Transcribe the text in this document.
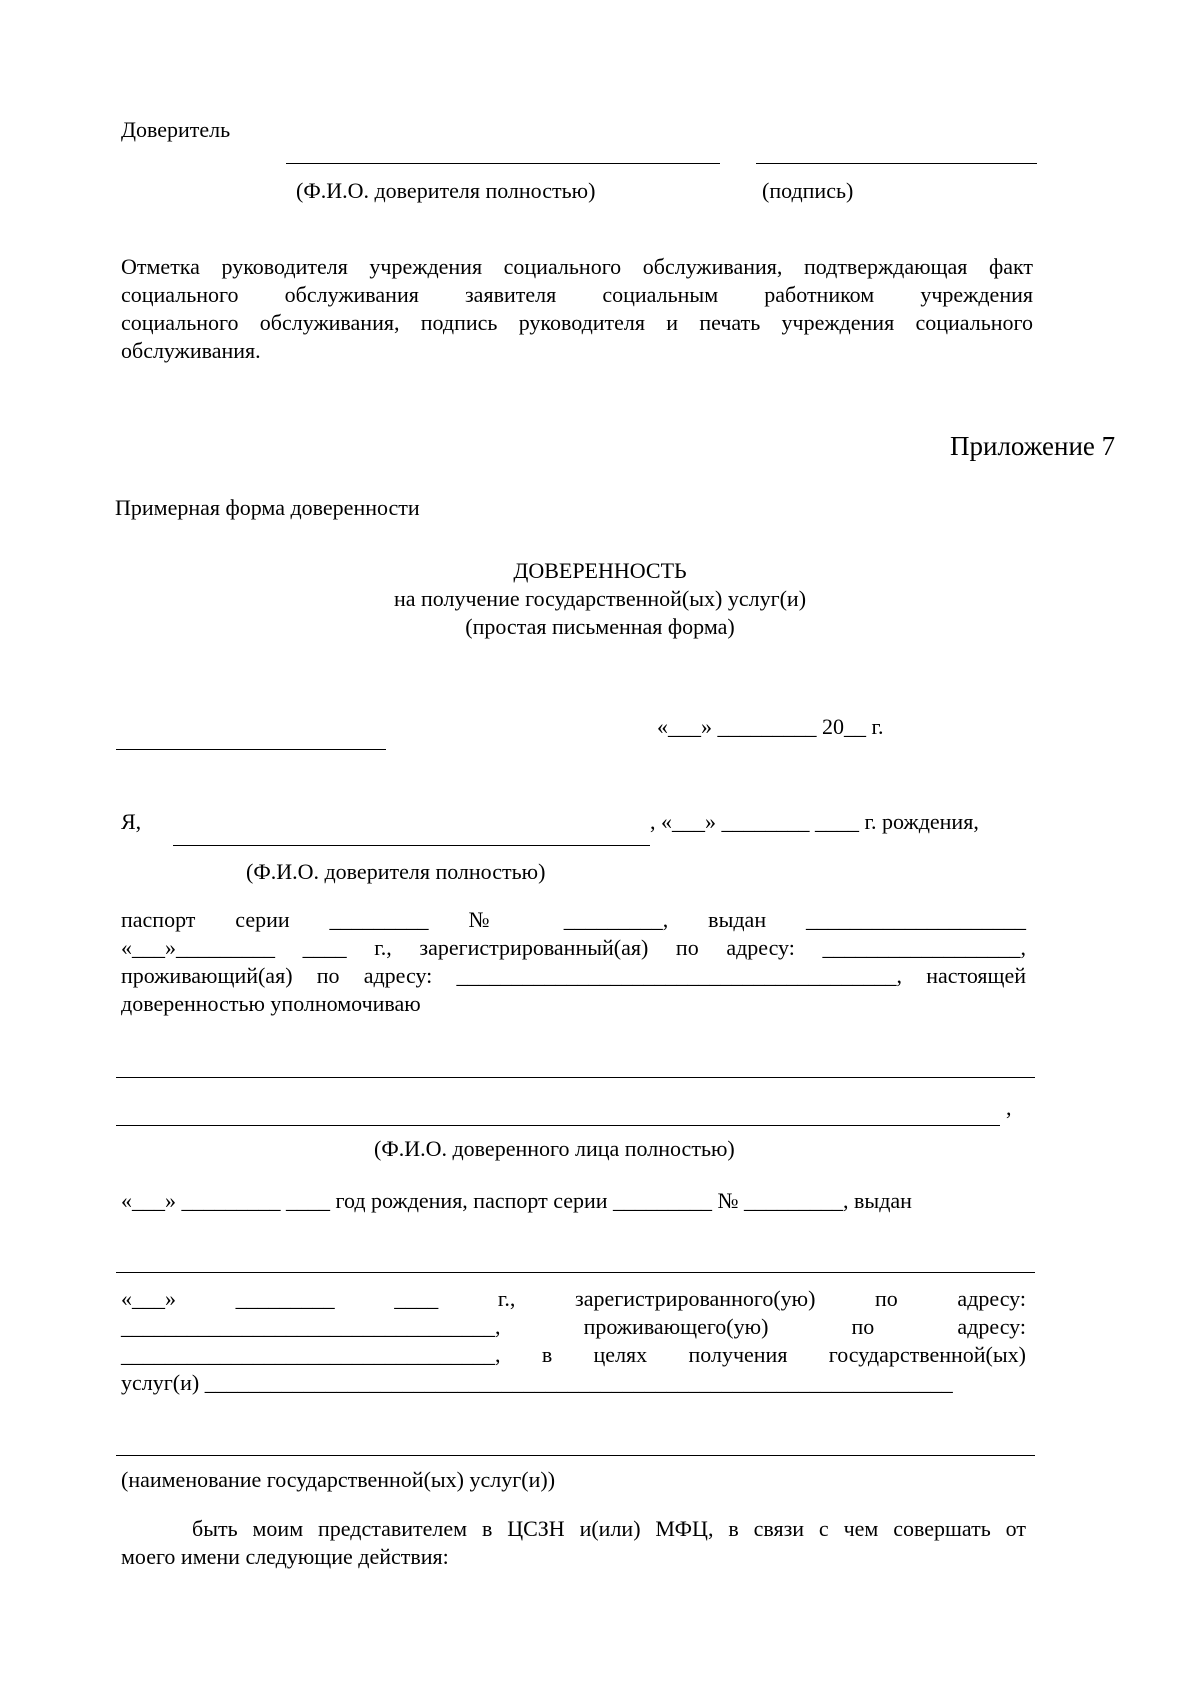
Доверитель
(Ф.И.О. доверителя полностью)	(подпись)
Отметка руководителя учреждения социального обслуживания, подтверждающая факт
социального обслуживания заявителя социальным работником учреждения
социального обслуживания, подпись руководителя и печать учреждения социального
обслуживания.
Приложение 7
Примерная форма доверенности
ДОВЕРЕННОСТЬ
на получение государственной(ых) услуг(и)
(простая письменная форма)
«___» _________ 20__ г.
Я,	, «___» ________ ____ г. рождения,
(Ф.И.О. доверителя полностью)
паспорт серии _________ № _________, выдан ____________________
«___»_________ ____ г., зарегистрированный(ая) по адресу: __________________,
проживающий(ая) по адресу: ________________________________________, настоящей
доверенностью уполномочиваю
,
(Ф.И.О. доверенного лица полностью)
«___» _________ ____ год рождения, паспорт серии _________ № _________, выдан
«___» _________ ____ г., зарегистрированного(ую) по адресу:
__________________________________, проживающего(ую) по адресу:
__________________________________, в целях получения государственной(ых)
услуг(и) ____________________________________________________________________
(наименование государственной(ых) услуг(и))
быть моим представителем в ЦСЗН и(или) МФЦ, в связи с чем совершать от
моего имени следующие действия:
